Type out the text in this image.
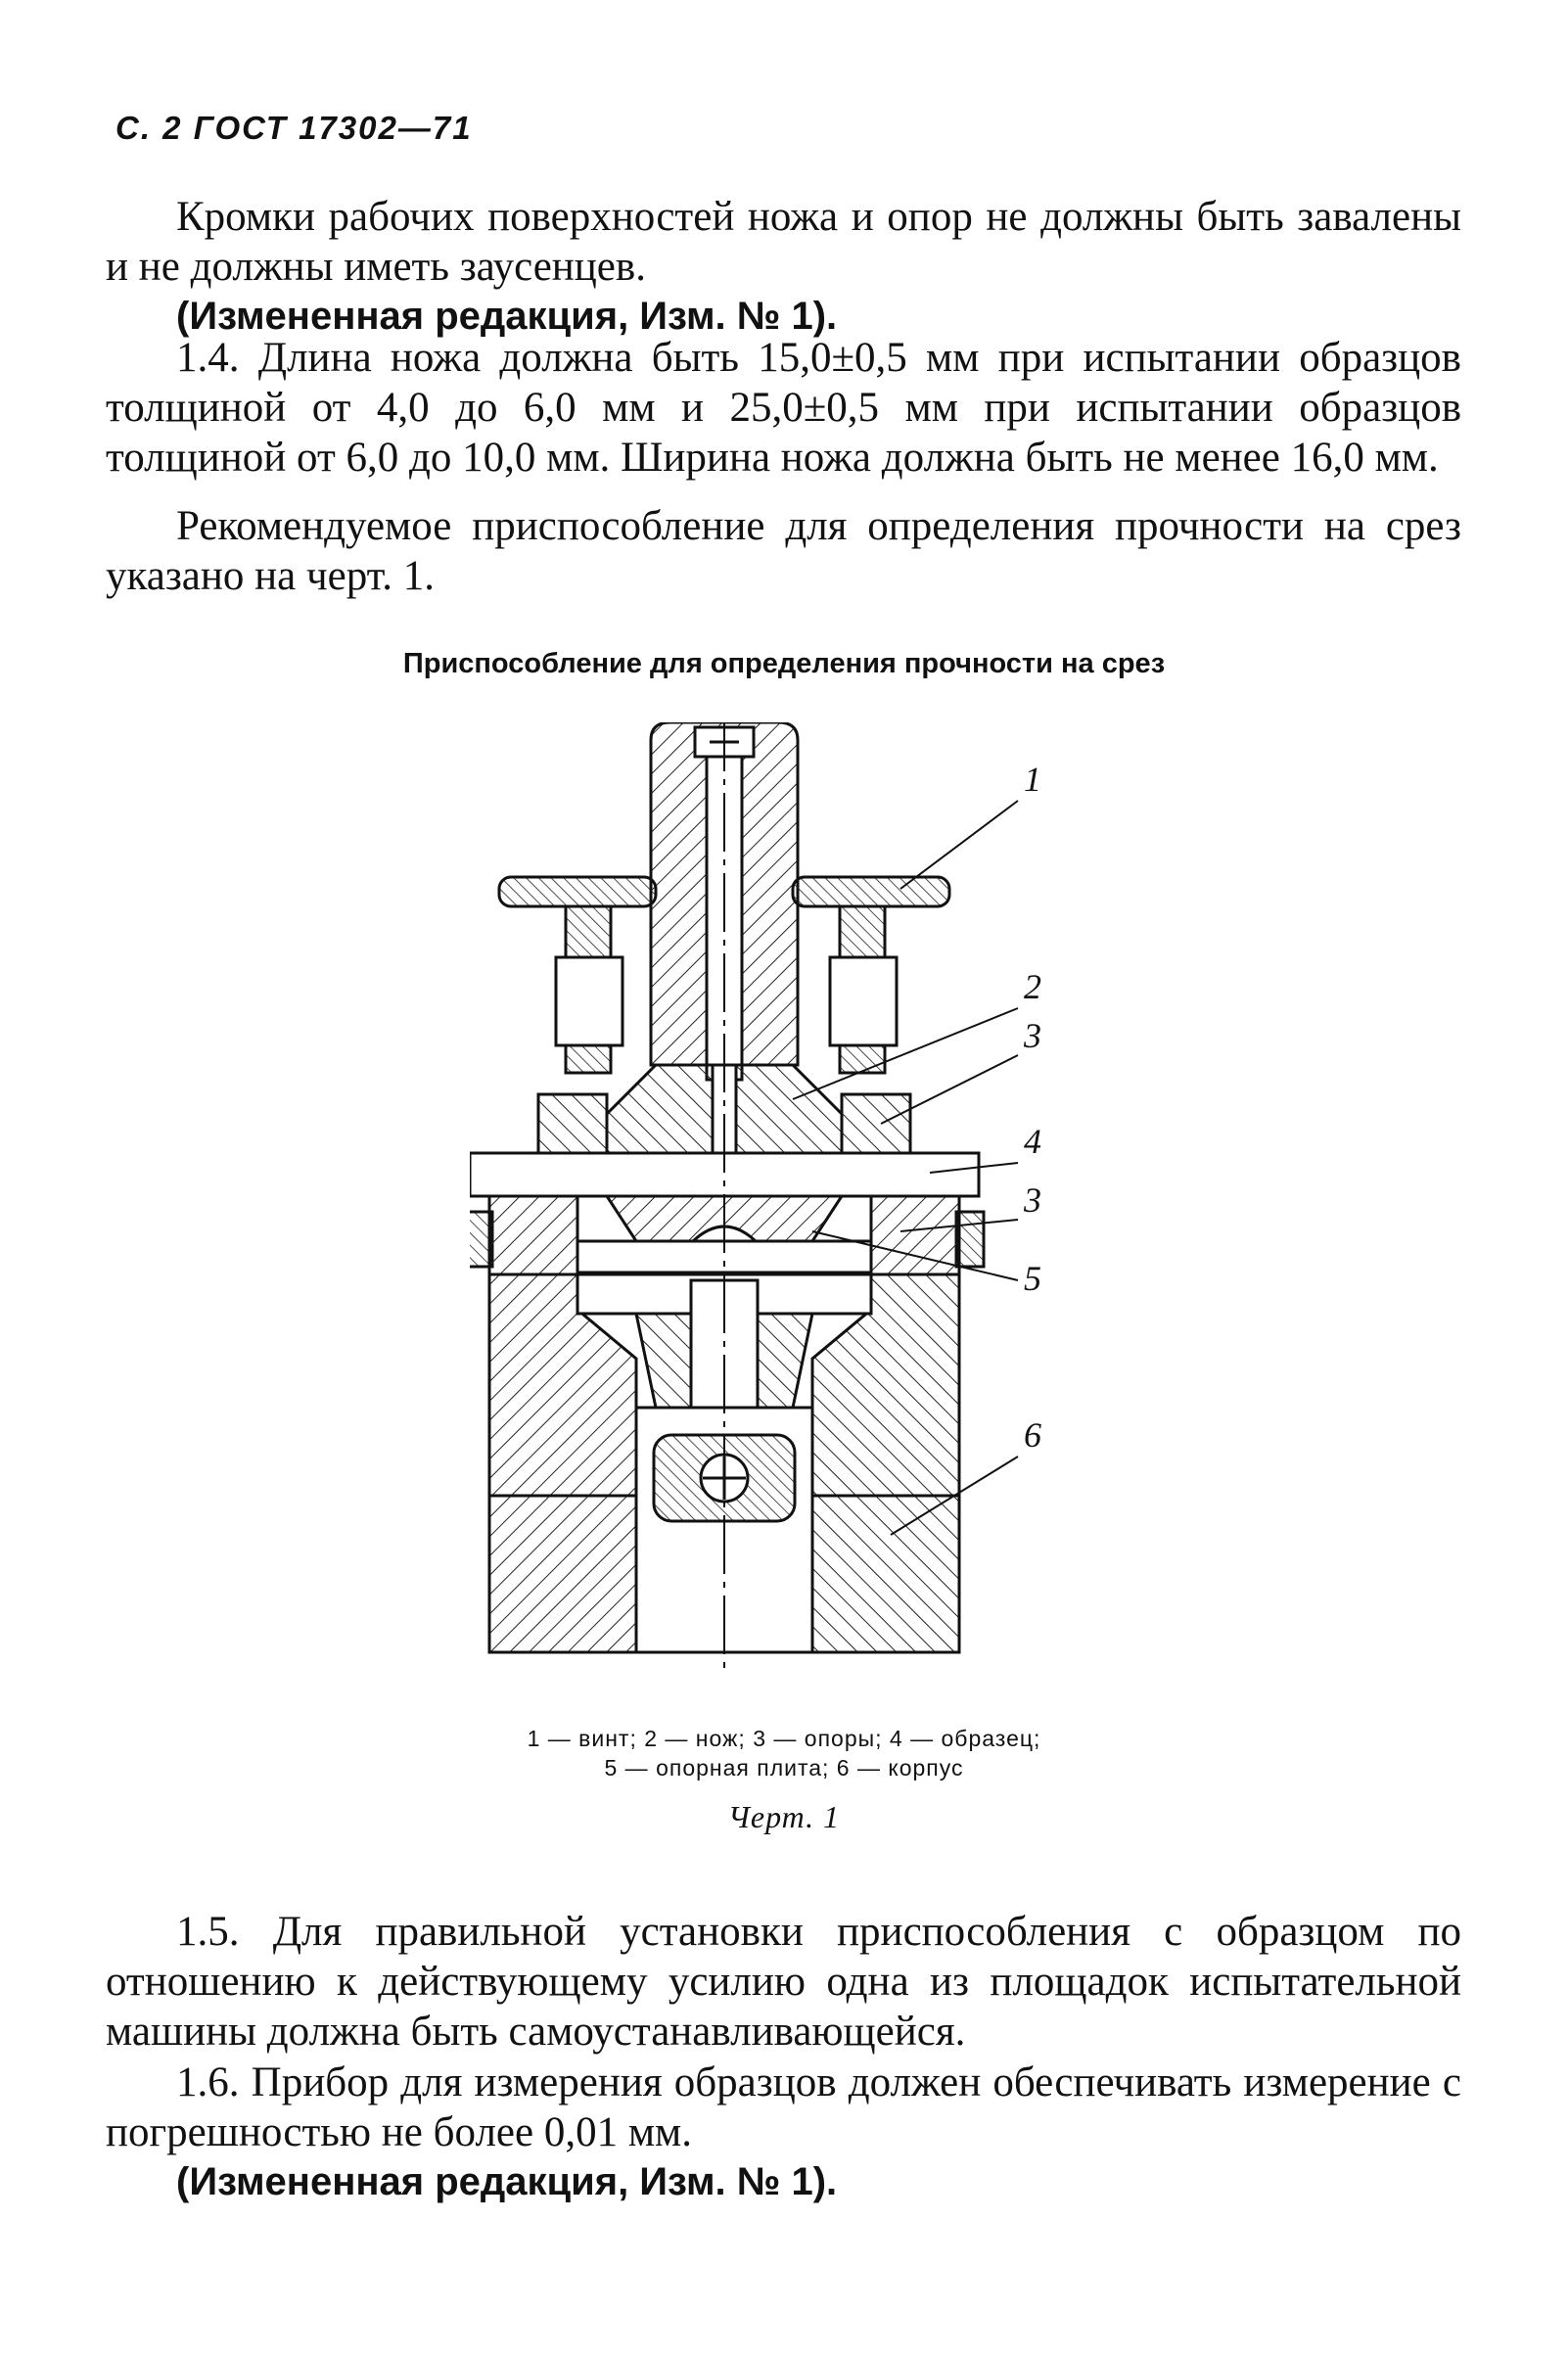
С. 2 ГОСТ 17302—71

Кромки рабочих поверхностей ножа и опор не должны быть завалены и не должны иметь заусенцев.

(Измененная редакция, Изм. № 1).

1.4. Длина ножа должна быть 15,0±0,5 мм при испытании образцов толщиной от 4,0 до 6,0 мм и 25,0±0,5 мм при испытании образцов толщиной от 6,0 до 10,0 мм. Ширина ножа должна быть не менее 16,0 мм.

Рекомендуемое приспособление для определения прочности на срез указано на черт. 1.

Приспособление для определения прочности на срез
1
2
3
4
3
5
6
1 — винт; 2 — нож; 3 — опоры; 4 — образец;
5 — опорная плита; 6 — корпус
Черт. 1

1.5. Для правильной установки приспособления с образцом по отношению к действующему усилию одна из площадок испытательной машины должна быть самоустанавливающейся.

1.6. Прибор для измерения образцов должен обеспечивать измерение с погрешностью не более 0,01 мм.

(Измененная редакция, Изм. № 1).
